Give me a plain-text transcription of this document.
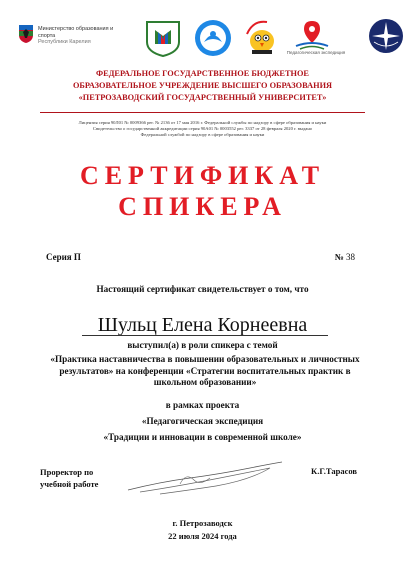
Министерство образования и
спорта
Республики Карелия
Педагогическая экспедиция
ФЕДЕРАЛЬНОЕ ГОСУДАРСТВЕННОЕ БЮДЖЕТНОЕ
ОБРАЗОВАТЕЛЬНОЕ УЧРЕЖДЕНИЕ ВЫСШЕГО ОБРАЗОВАНИЯ
«ПЕТРОЗАВОДСКИЙ ГОСУДАРСТВЕННЫЙ УНИВЕРСИТЕТ»
Лицензия серия 90Л01 № 0009366 рег. № 2136 от 17 мая 2016 г. Федеральной службы по надзору в сфере образования и науки
Свидетельство о государственной аккредитации серия 90А01 № 0003552 рег. 3337 от 28 февраля 2020 г. выдано
Федеральной службой по надзору в сфере образования и науки
СЕРТИФИКАТ
СПИКЕРА
Серия П	№ 38
Настоящий сертификат свидетельствует о том, что
Шульц Елена Корнеевна
выступил(а) в роли спикера с темой
«Практика наставничества в повышении образовательных и личностных
результатов» на конференции «Стратегии воспитательных практик в
школьном образовании»
в рамках проекта
«Педагогическая экспедиция
«Традиции и инновации в современной школе»
Проректор по
учебной работе
К.Г.Тарасов
г. Петрозаводск
22 июля 2024 года
